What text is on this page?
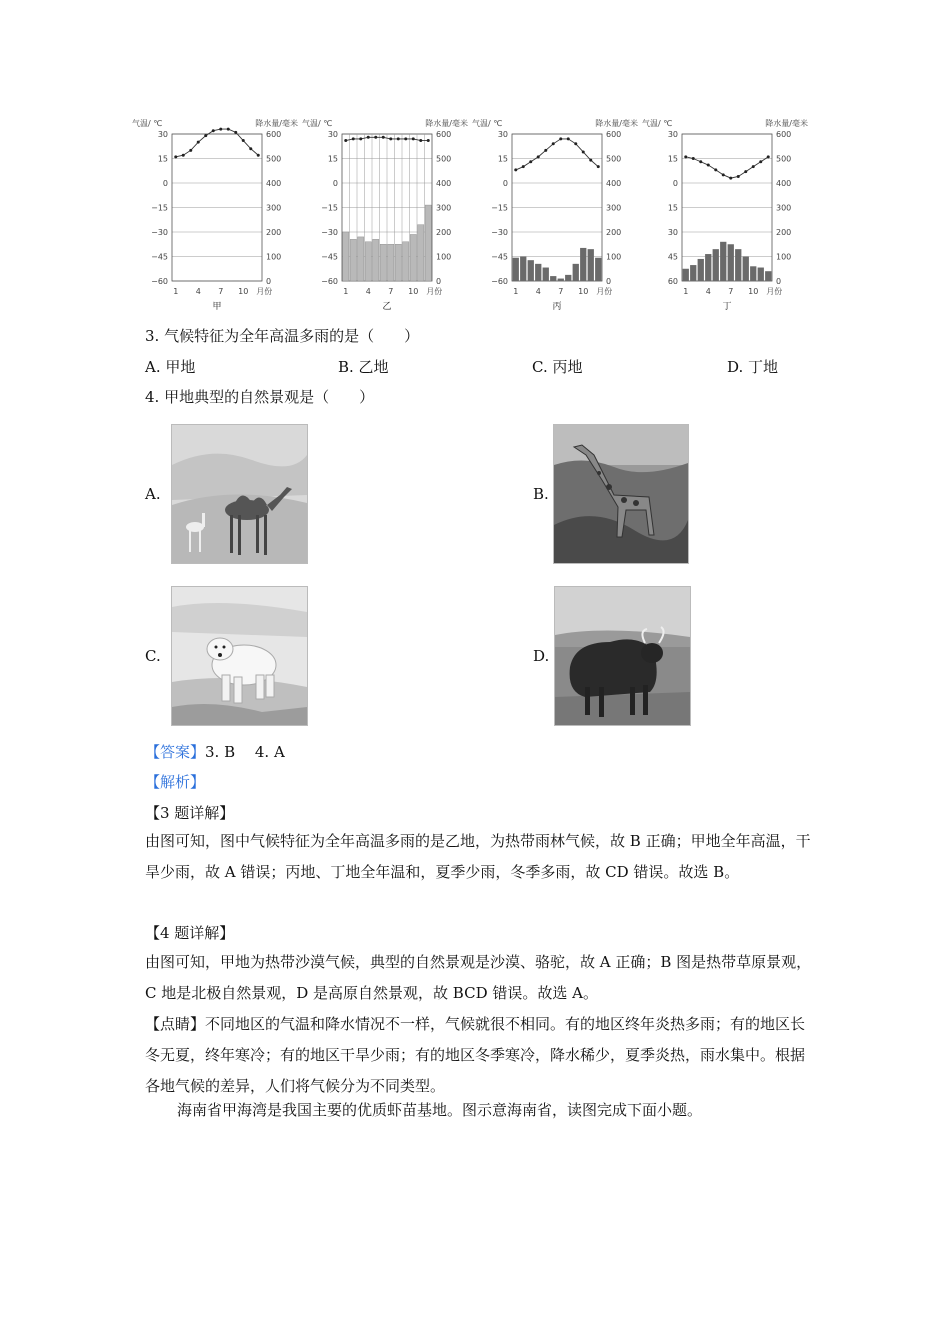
气温/ ℃	降水量/毫米
30	600
15	500
0	400
−15	300
−30	200
−45	100
−60	0
1 4 7 10 月份
甲
气温/ ℃	降水量/毫米
30	600
15	500
0	400
−15	300
−30	200
−45	100
−60	0
1 4 7 10 月份
乙
气温/ ℃	降水量/毫米
30	600
15	500
0	400
−15	300
−30	200
−45	100
−60	0
1 4 7 10 月份
丙
气温/ ℃	降水量/毫米
30	600
15	500
0	400
15	300
30	200
45	100
60	0
1 4 7 10 月份
丁
3. 气候特征为全年高温多雨的是（　　）
A. 甲地	B. 乙地	C. 丙地	D. 丁地
4. 甲地典型的自然景观是（　　）
A.	B.
C.	D.
【答案】3. B　 4. A
【解析】
【3 题详解】
由图可知，图中气候特征为全年高温多雨的是乙地，为热带雨林气候，故 B 正确；甲地全年高温，干旱少雨，故 A 错误；丙地、丁地全年温和，夏季少雨，冬季多雨，故 CD 错误。故选 B。
【4 题详解】
由图可知，甲地为热带沙漠气候，典型的自然景观是沙漠、骆驼，故 A 正确；B 图是热带草原景观，C 地是北极自然景观，D 是高原自然景观，故 BCD 错误。故选 A。
【点睛】不同地区的气温和降水情况不一样，气候就很不相同。有的地区终年炎热多雨；有的地区长冬无夏，终年寒冷；有的地区干旱少雨；有的地区冬季寒冷，降水稀少，夏季炎热，雨水集中。根据各地气候的差异，人们将气候分为不同类型。
海南省甲海湾是我国主要的优质虾苗基地。图示意海南省，读图完成下面小题。
